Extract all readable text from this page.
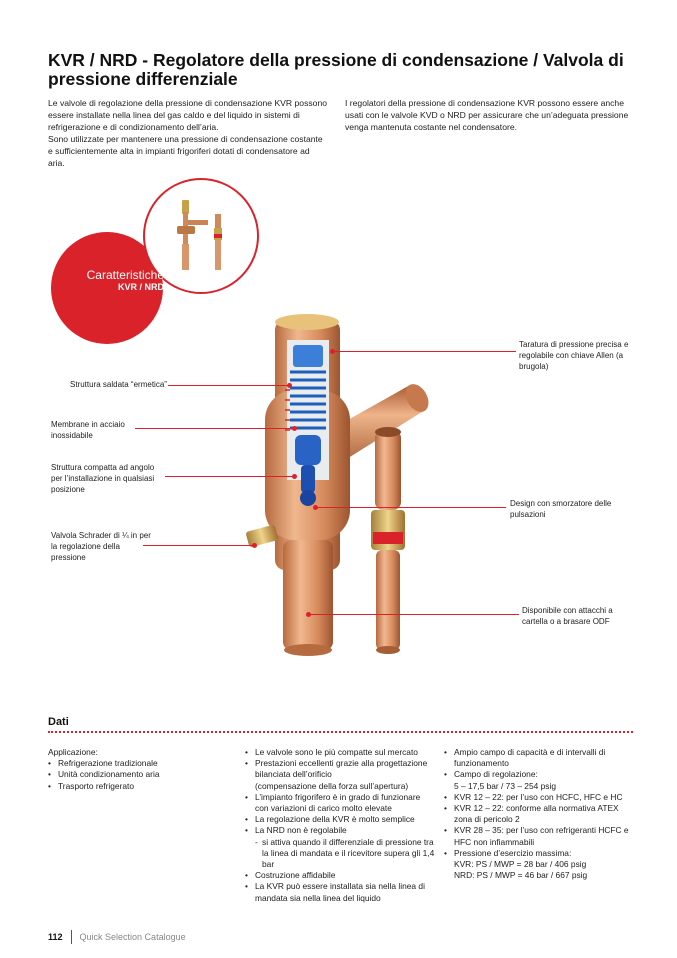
KVR / NRD - Regolatore della pressione di condensazione / Valvola di pressione differenziale

Le valvole di regolazione della pressione di condensazione KVR possono essere installate nella linea del gas caldo e del liquido in sistemi di refrigerazione e di condizionamento dell’aria.

Sono utilizzate per mantenere una pressione di condensazione costante e sufficientemente alta in impianti frigoriferi dotati di condensatore ad aria.

I regolatori della pressione di condensazione KVR possono essere anche usati con le valvole KVD o NRD per assicurare che un’adeguata pressione venga mantenuta costante nel condensatore.

Caratteristiche
KVR / NRD
Struttura saldata “ermetica”
Membrane in acciaio inossidabile
Struttura compatta ad angolo per l’installazione in qualsiasi posizione
Valvola Schrader di ¼ in per la regolazione della pressione
Taratura di pressione precisa e regolabile con chiave Allen (a brugola)
Design con smorzatore delle pulsazioni
Disponibile con attacchi a cartella o a brasare ODF
Dati
Applicazione:
• Refrigerazione tradizionale
• Unità condizionamento aria
• Trasporto refrigerato
• Le valvole sono le più compatte sul mercato
• Prestazioni eccellenti grazie alla progettazione bilanciata dell’orificio
(compensazione della forza sull’apertura)
• L’impianto frigorifero è in grado di funzionare con variazioni di carico molto elevate
• La regolazione della KVR è molto semplice
• La NRD non è regolabile
- si attiva quando il differenziale di pressione tra la linea di mandata e il ricevitore supera gli 1,4 bar
• Costruzione affidabile
• La KVR può essere installata sia nella linea di mandata sia nella linea del liquido
• Ampio campo di capacità e di intervalli di funzionamento
• Campo di regolazione:
5 – 17,5 bar / 73 – 254 psig
• KVR 12 – 22: per l’uso con HCFC, HFC e HC
• KVR 12 – 22: conforme alla normativa ATEX zona di pericolo 2
• KVR 28 – 35: per l’uso con refrigeranti HCFC e HFC non infiammabili
• Pressione d’esercizio massima:
KVR: PS / MWP = 28 bar / 406 psig
NRD: PS / MWP = 46 bar / 667 psig
112 Quick Selection Catalogue
